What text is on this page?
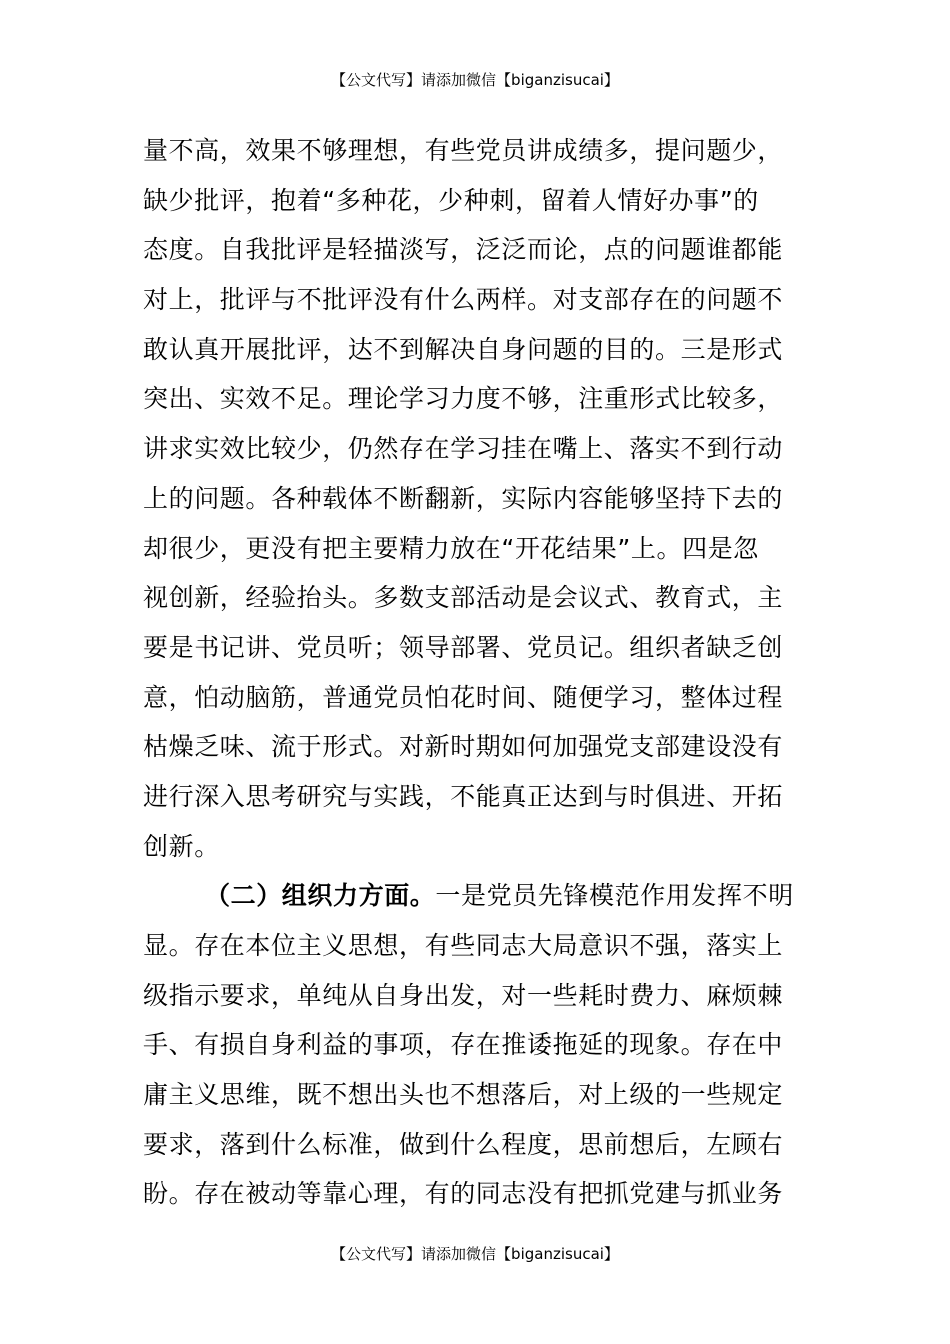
【公文代写】请添加微信【biganzisucai】
量不高，效果不够理想，有些党员讲成绩多，提问题少，
缺少批评，抱着“多种花，少种刺，留着人情好办事”的
态度。自我批评是轻描淡写，泛泛而论，点的问题谁都能
对上，批评与不批评没有什么两样。对支部存在的问题不
敢认真开展批评，达不到解决自身问题的目的。三是形式
突出、实效不足。理论学习力度不够，注重形式比较多，
讲求实效比较少，仍然存在学习挂在嘴上、落实不到行动
上的问题。各种载体不断翻新，实际内容能够坚持下去的
却很少，更没有把主要精力放在“开花结果”上。四是忽
视创新，经验抬头。多数支部活动是会议式、教育式，主
要是书记讲、党员听；领导部署、党员记。组织者缺乏创
意，怕动脑筋，普通党员怕花时间、随便学习，整体过程
枯燥乏味、流于形式。对新时期如何加强党支部建设没有
进行深入思考研究与实践，不能真正达到与时俱进、开拓
创新。
（二）组织力方面。一是党员先锋模范作用发挥不明
显。存在本位主义思想，有些同志大局意识不强，落实上
级指示要求，单纯从自身出发，对一些耗时费力、麻烦棘
手、有损自身利益的事项，存在推诿拖延的现象。存在中
庸主义思维，既不想出头也不想落后，对上级的一些规定
要求，落到什么标准，做到什么程度，思前想后，左顾右
盼。存在被动等靠心理，有的同志没有把抓党建与抓业务
【公文代写】请添加微信【biganzisucai】
